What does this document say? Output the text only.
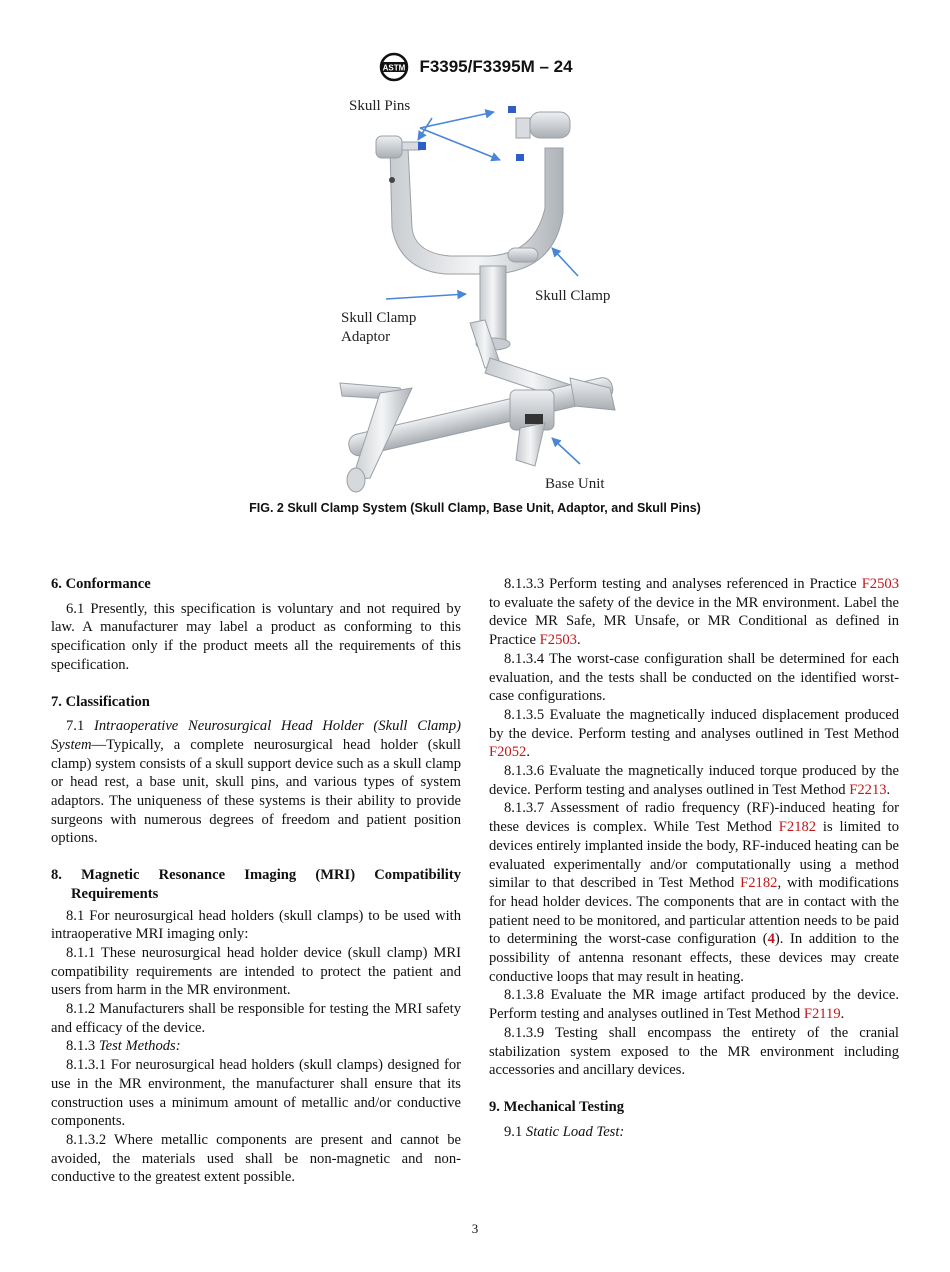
ASTM F3395/F3395M – 24
Skull Pins
Skull Clamp
Skull Clamp
Adaptor
Base Unit
FIG. 2 Skull Clamp System (Skull Clamp, Base Unit, Adaptor, and Skull Pins)
6. Conformance

6.1 Presently, this specification is voluntary and not required by law. A manufacturer may label a product as conforming to this specification only if the product meets all the requirements of this specification.

7. Classification

7.1 Intraoperative Neurosurgical Head Holder (Skull Clamp) System—Typically, a complete neurosurgical head holder (skull clamp) system consists of a skull support device such as a skull clamp or head rest, a base unit, skull pins, and various types of system adaptors. The uniqueness of these systems is their ability to provide surgeons with numerous degrees of freedom and patient position options.

8. Magnetic Resonance Imaging (MRI) Compatibility Requirements

8.1 For neurosurgical head holders (skull clamps) to be used with intraoperative MRI imaging only:

8.1.1 These neurosurgical head holder device (skull clamp) MRI compatibility requirements are intended to protect the patient and users from harm in the MR environment.

8.1.2 Manufacturers shall be responsible for testing the MRI safety and efficacy of the device.

8.1.3 Test Methods:

8.1.3.1 For neurosurgical head holders (skull clamps) designed for use in the MR environment, the manufacturer shall ensure that its construction uses a minimum amount of metallic and/or conductive components.

8.1.3.2 Where metallic components are present and cannot be avoided, the materials used shall be non-magnetic and non-conductive to the greatest extent possible.

8.1.3.3 Perform testing and analyses referenced in Practice F2503 to evaluate the safety of the device in the MR environment. Label the device MR Safe, MR Unsafe, or MR Conditional as defined in Practice F2503.

8.1.3.4 The worst-case configuration shall be determined for each evaluation, and the tests shall be conducted on the identified worst-case configurations.

8.1.3.5 Evaluate the magnetically induced displacement produced by the device. Perform testing and analyses outlined in Test Method F2052.

8.1.3.6 Evaluate the magnetically induced torque produced by the device. Perform testing and analyses outlined in Test Method F2213.

8.1.3.7 Assessment of radio frequency (RF)-induced heating for these devices is complex. While Test Method F2182 is limited to devices entirely implanted inside the body, RF-induced heating can be evaluated experimentally and/or computationally using a method similar to that described in Test Method F2182, with modifications for head holder devices. The components that are in contact with the patient need to be monitored, and particular attention needs to be paid to determining the worst-case configuration (4). In addition to the possibility of antenna resonant effects, these devices may create conductive loops that may result in heating.

8.1.3.8 Evaluate the MR image artifact produced by the device. Perform testing and analyses outlined in Test Method F2119.

8.1.3.9 Testing shall encompass the entirety of the cranial stabilization system exposed to the MR environment including accessories and ancillary devices.

9. Mechanical Testing

9.1 Static Load Test:

3
